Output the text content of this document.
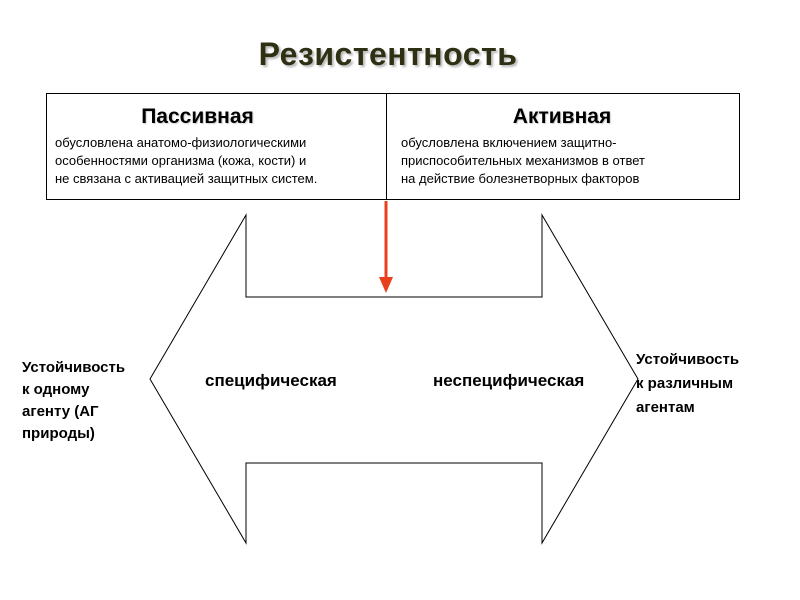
Резистентность
Пассивная
обусловлена анатомо-физиологическими
особенностями организма (кожа, кости) и
не связана с активацией защитных систем.
Активная
обусловлена включением защитно-
приспособительных механизмов в ответ
на действие болезнетворных факторов
специфическая	неспецифическая
Устойчивость
к одному
агенту (АГ
природы)
Устойчивость
к различным
агентам
